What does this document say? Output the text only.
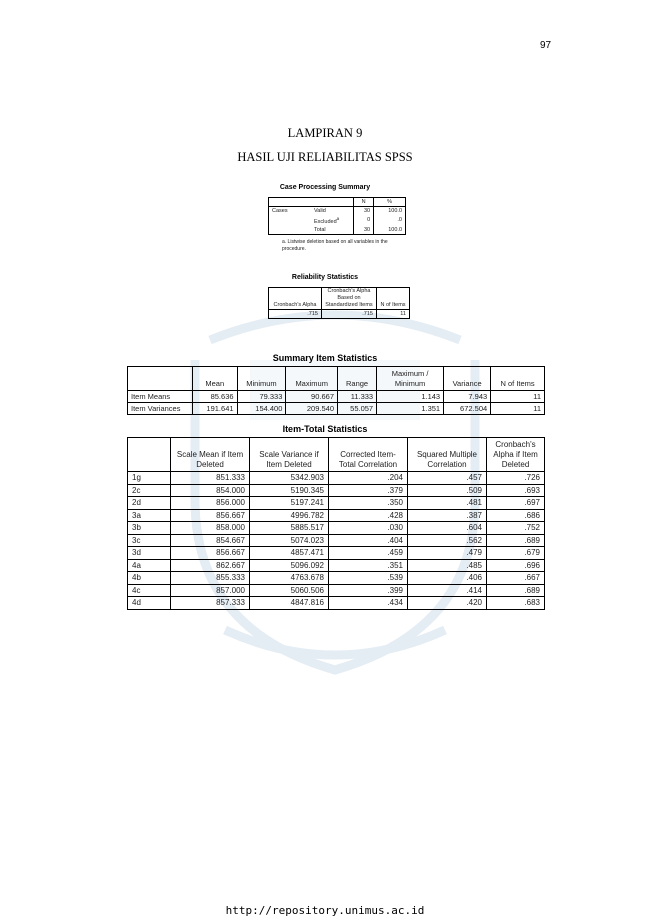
97
LAMPIRAN 9
HASIL UJI RELIABILITAS SPSS
Case Processing Summary
		N	%
Cases	Valid	30	100.0
	Excluded$^a$	0	.0
	Total	30	100.0
a. Listwise deletion based on all variables in the procedure.
Reliability Statistics
Cronbach's Alpha	Cronbach's Alpha Based on Standardized Items	N of Items
.715	.715	11
Summary Item Statistics
	Mean	Minimum	Maximum	Range	Maximum / Minimum	Variance	N of Items
Item Means	85.636	79.333	90.667	11.333	1.143	7.943	11
Item Variances	191.641	154.400	209.540	55.057	1.351	672.504	11
Item-Total Statistics
	Scale Mean if Item Deleted	Scale Variance if Item Deleted	Corrected Item-Total Correlation	Squared Multiple Correlation	Cronbach's Alpha if Item Deleted
1g	851.333	5342.903	.204	.457	.726
2c	854.000	5190.345	.379	.509	.693
2d	856.000	5197.241	.350	.481	.697
3a	856.667	4996.782	.428	.387	.686
3b	858.000	5885.517	.030	.604	.752
3c	854.667	5074.023	.404	.562	.689
3d	856.667	4857.471	.459	.479	.679
4a	862.667	5096.092	.351	.485	.696
4b	855.333	4763.678	.539	.406	.667
4c	857.000	5060.506	.399	.414	.689
4d	857.333	4847.816	.434	.420	.683
http://repository.unimus.ac.id
